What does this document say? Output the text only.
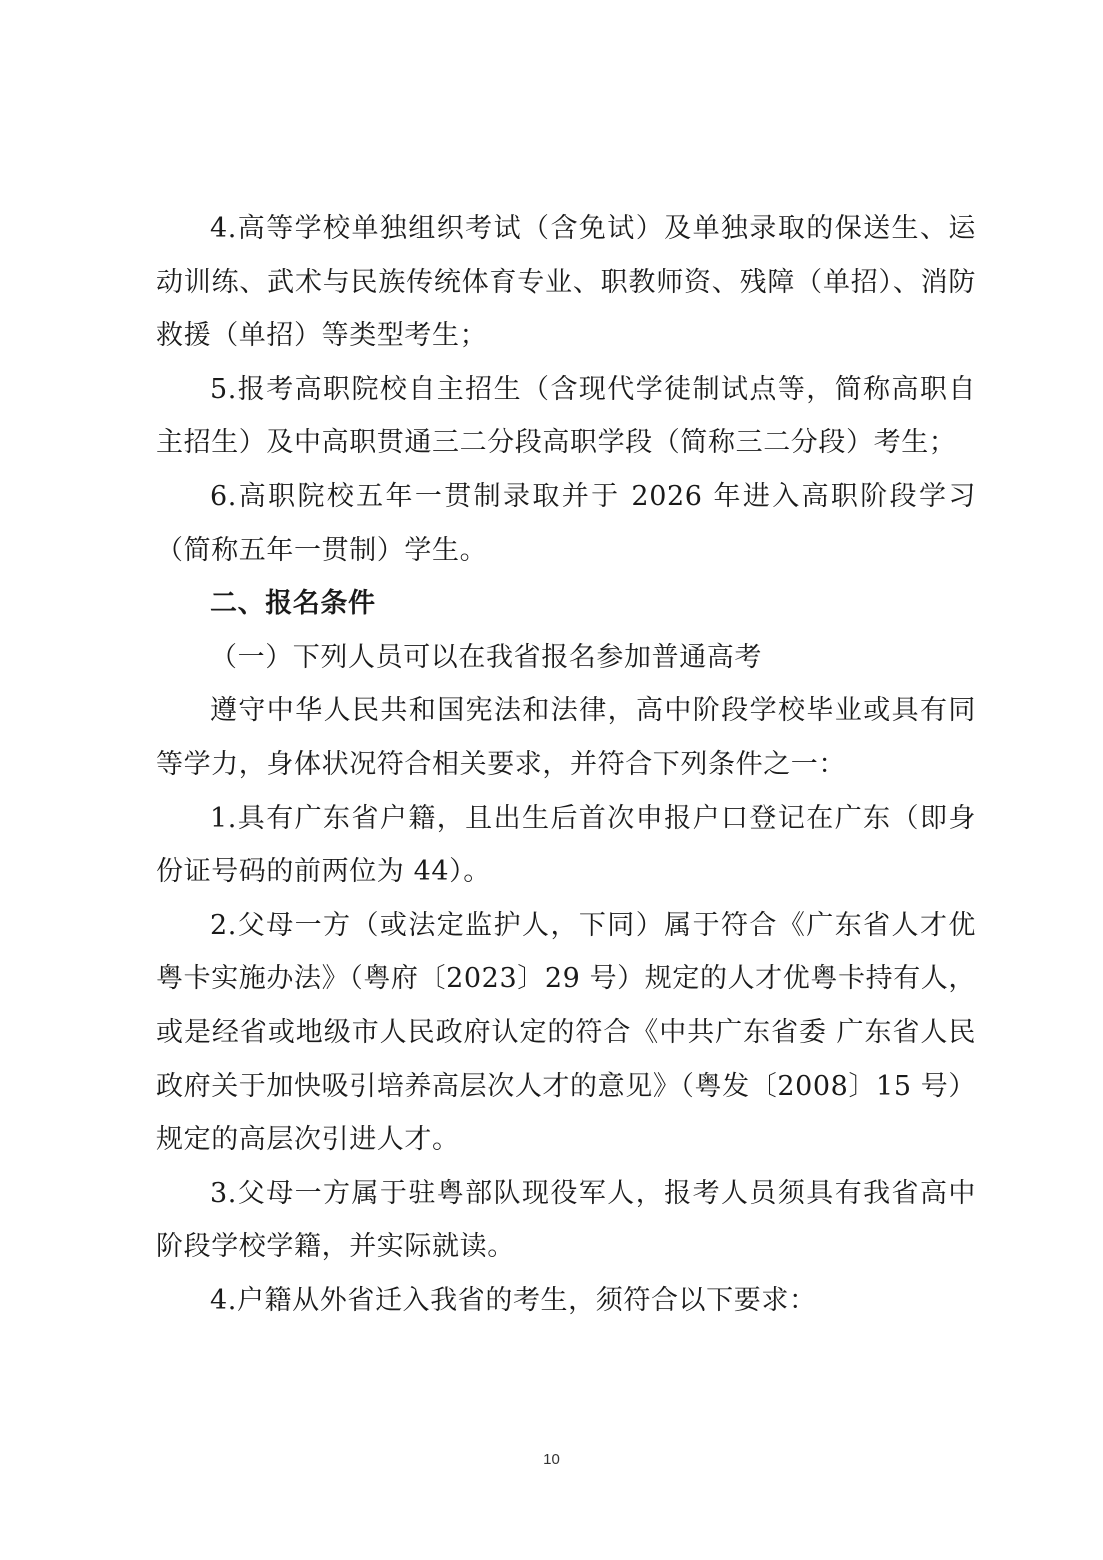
4.高等学校单独组织考试（含免试）及单独录取的保送生、运动训练、武术与民族传统体育专业、职教师资、残障（单招）、消防救援（单招）等类型考生；

5.报考高职院校自主招生（含现代学徒制试点等，简称高职自主招生）及中高职贯通三二分段高职学段（简称三二分段）考生；

6.高职院校五年一贯制录取并于 2026 年进入高职阶段学习（简称五年一贯制）学生。

二、报名条件

（一）下列人员可以在我省报名参加普通高考

遵守中华人民共和国宪法和法律，高中阶段学校毕业或具有同等学力，身体状况符合相关要求，并符合下列条件之一：

1.具有广东省户籍，且出生后首次申报户口登记在广东（即身份证号码的前两位为 44）。

2.父母一方（或法定监护人，下同）属于符合《广东省人才优粤卡实施办法》（粤府〔2023〕29 号）规定的人才优粤卡持有人，或是经省或地级市人民政府认定的符合《中共广东省委 广东省人民政府关于加快吸引培养高层次人才的意见》（粤发〔2008〕15 号）规定的高层次引进人才。

3.父母一方属于驻粤部队现役军人，报考人员须具有我省高中阶段学校学籍，并实际就读。

4.户籍从外省迁入我省的考生，须符合以下要求：

10
